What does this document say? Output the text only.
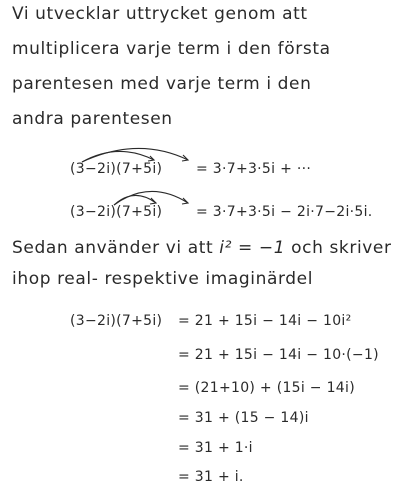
Vi utvecklar uttrycket genom att
multiplicera varje term i den första
parentesen med varje term i den
andra parentesen
(3−2i)(7+5i) = 3·7+3·5i + ···
(3−2i)(7+5i) = 3·7+3·5i − 2i·7−2i·5i.
Sedan använder vi att i² = −1 och skriver
ihop real- respektive imaginärdel
(3−2i)(7+5i) = 21 + 15i − 14i − 10i²
= 21 + 15i − 14i − 10·(−1)
= (21+10) + (15i − 14i)
= 31 + (15 − 14)i
= 31 + 1·i
= 31 + i.
